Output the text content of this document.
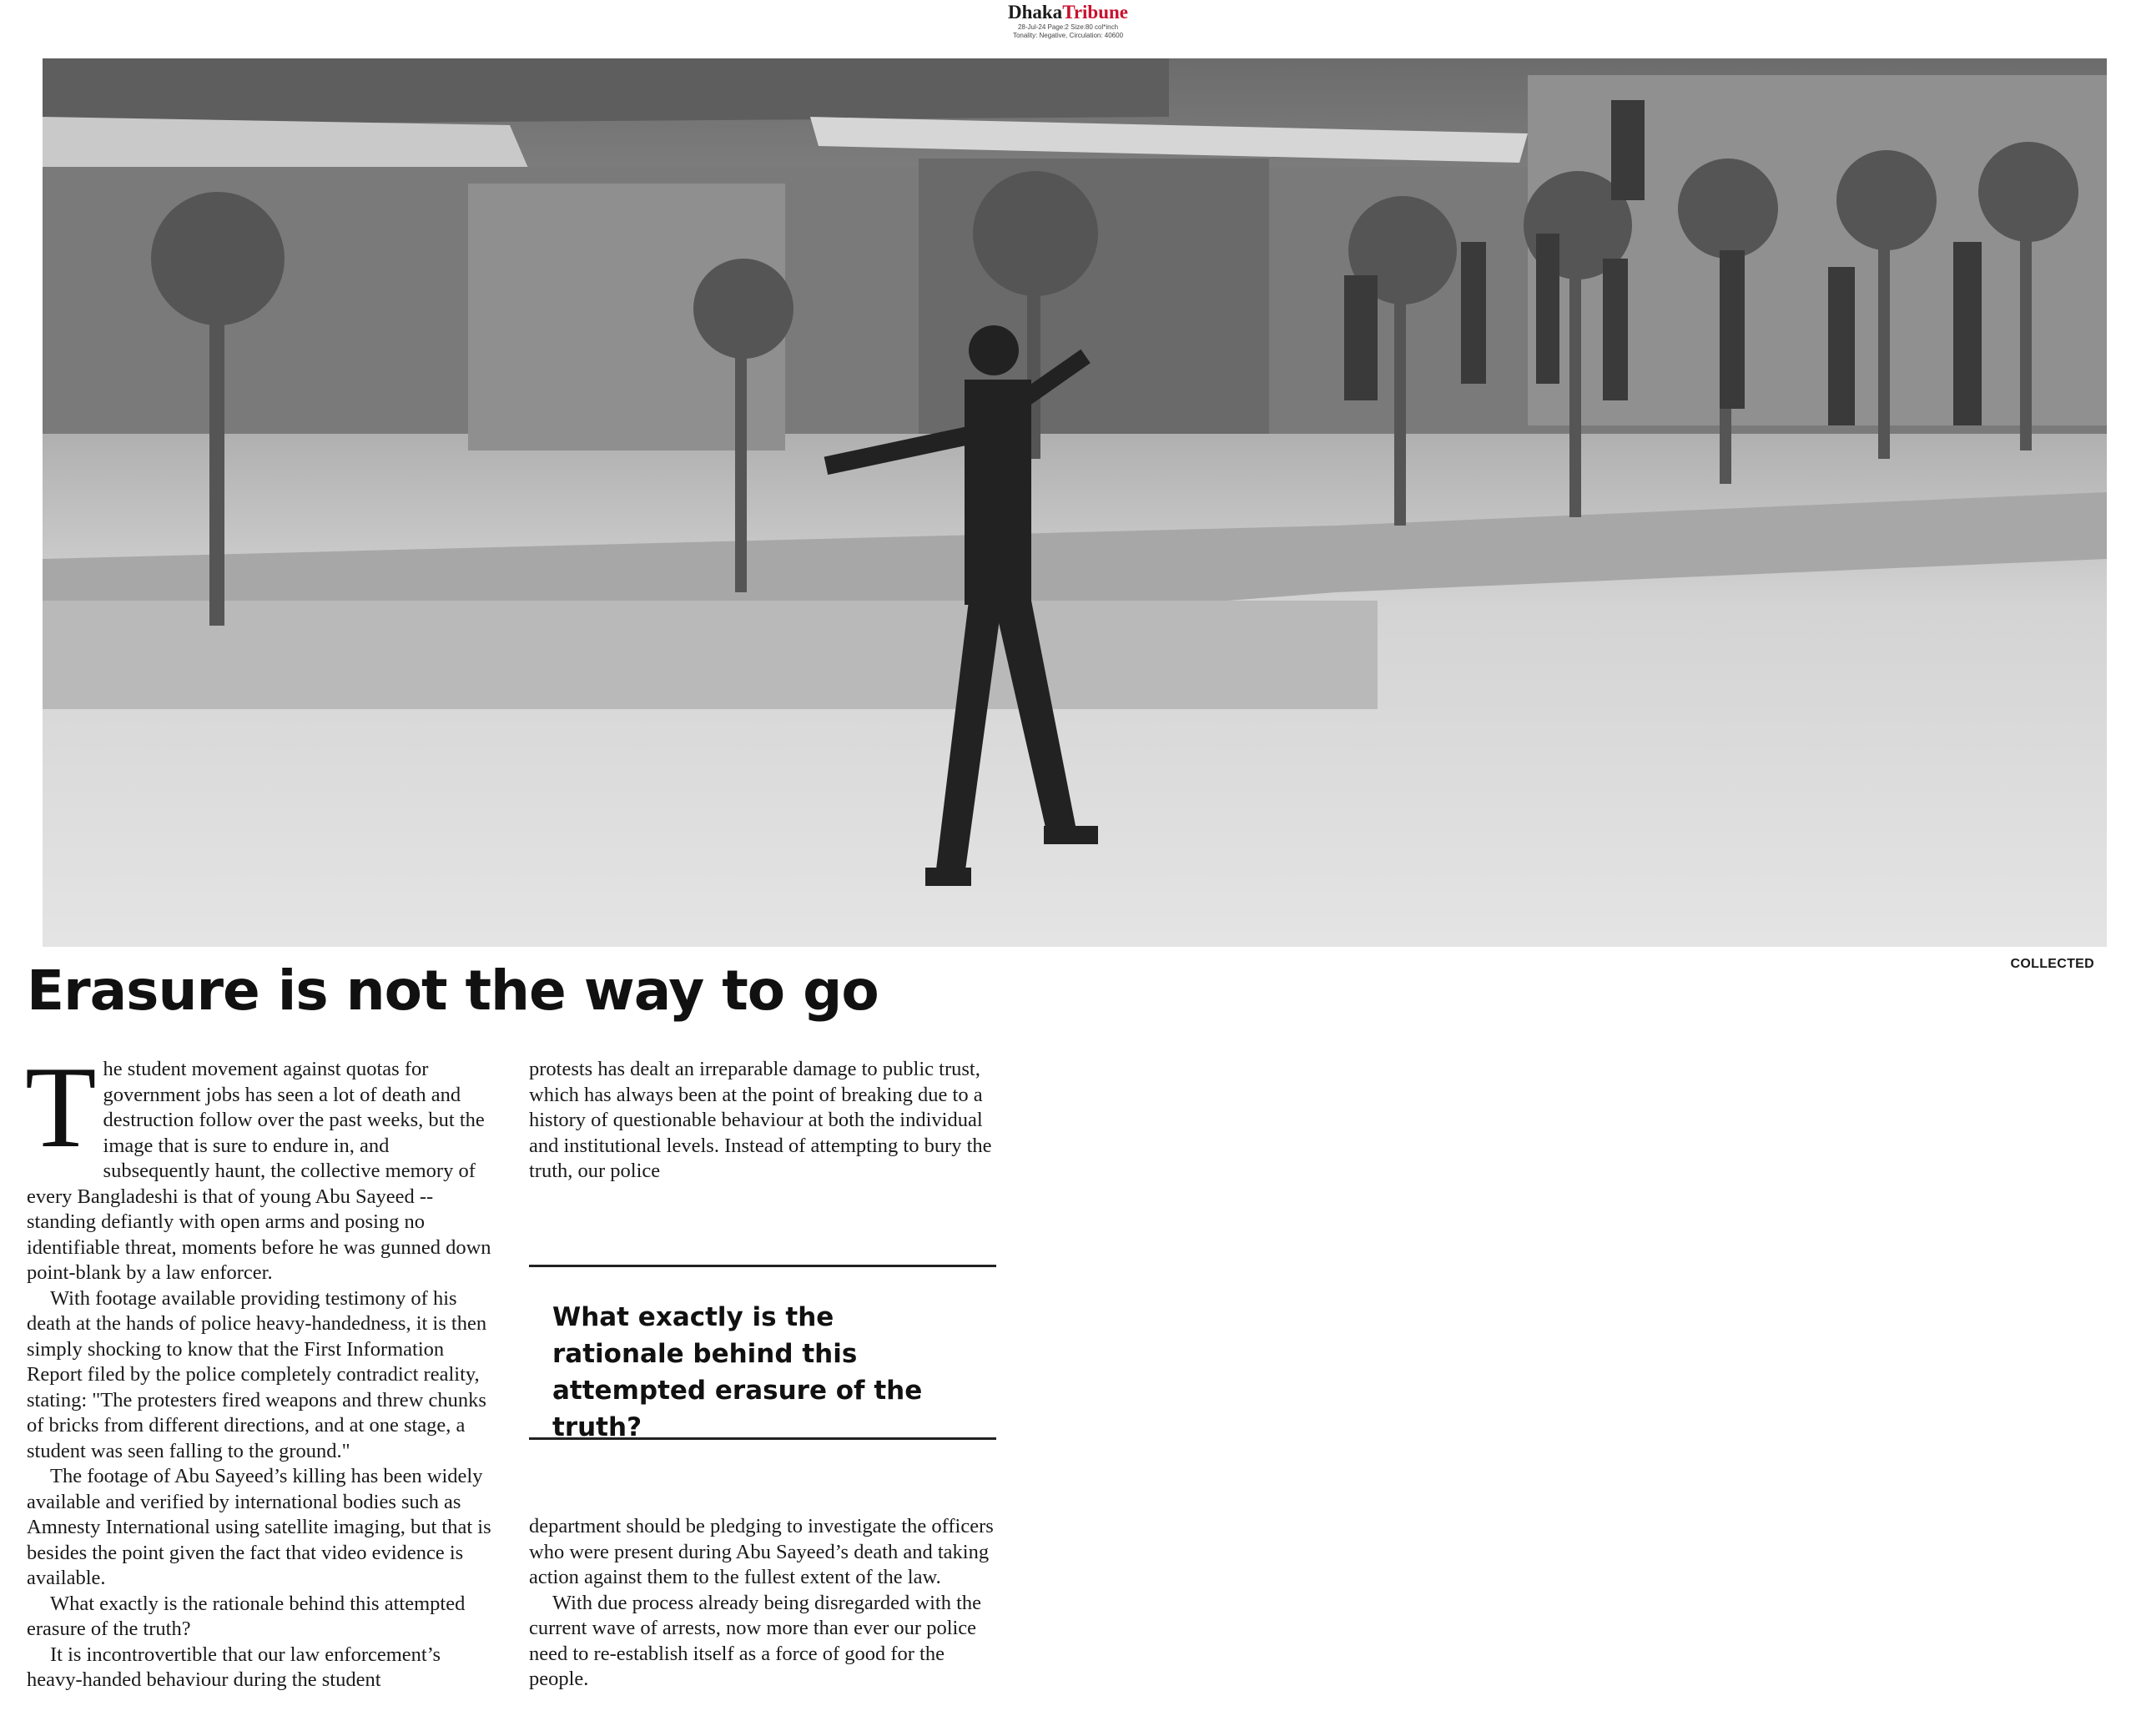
DhakaTribune
28-Jul-24 Page:2 Size:80 col*inch
Tonality: Negative, Circulation: 40600
COLLECTED
Erasure is not the way to go

The student movement against quotas for government jobs has seen a lot of death and destruction follow over the past weeks, but the image that is sure to endure in, and subsequently haunt, the collective memory of every Bangladeshi is that of young Abu Sayeed -- standing defiantly with open arms and posing no identifiable threat, moments before he was gunned down point-blank by a law enforcer.

With footage available providing testimony of his death at the hands of police heavy-handedness, it is then simply shocking to know that the First Information Report filed by the police completely contradict reality, stating: "The protesters fired weapons and threw chunks of bricks from different directions, and at one stage, a student was seen falling to the ground."

The footage of Abu Sayeed’s killing has been widely available and verified by international bodies such as Amnesty International using satellite imaging, but that is besides the point given the fact that video evidence is available.

What exactly is the rationale behind this attempted erasure of the truth?

It is incontrovertible that our law enforcement’s heavy-handed behaviour during the student

protests has dealt an irreparable damage to public trust, which has always been at the point of breaking due to a history of questionable behaviour at both the individual and institutional levels. Instead of attempting to bury the truth, our police

What exactly is the rationale behind this attempted erasure of the truth?

department should be pledging to investigate the officers who were present during Abu Sayeed’s death and taking action against them to the fullest extent of the law.

With due process already being disregarded with the current wave of arrests, now more than ever our police need to re-establish itself as a force of good for the people.
